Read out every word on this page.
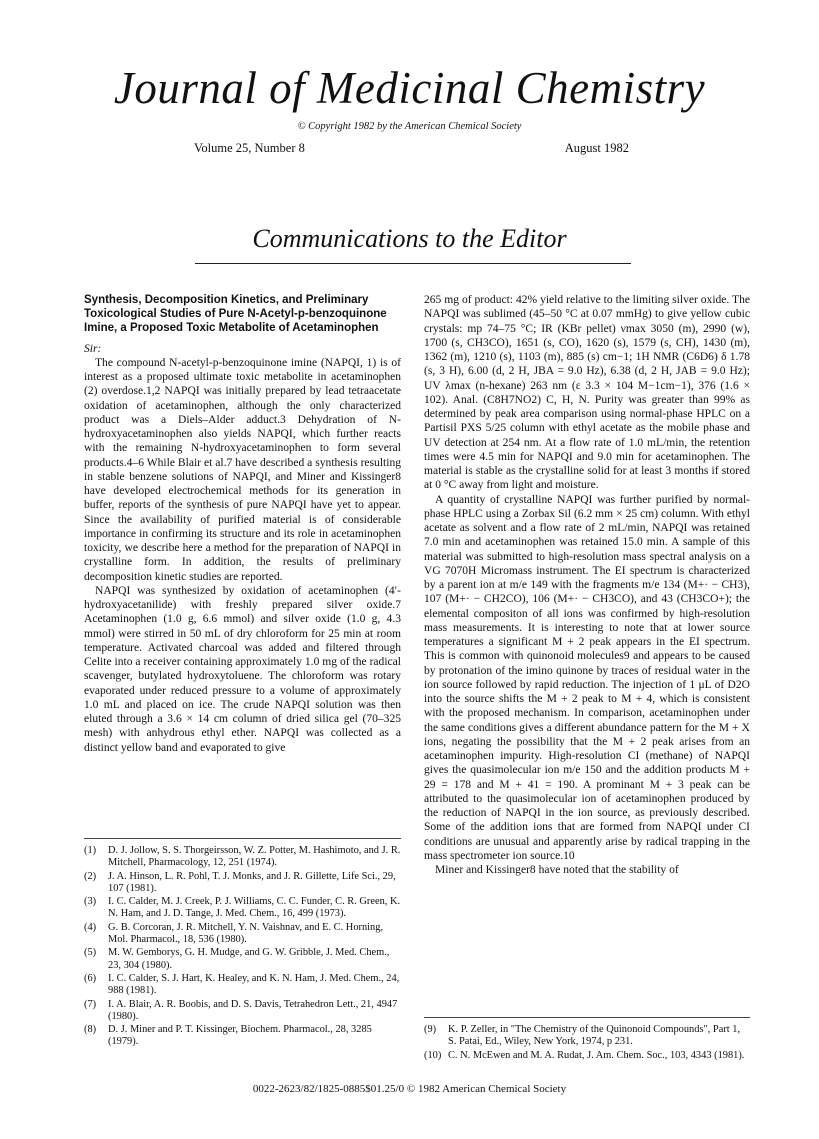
Journal of Medicinal Chemistry
© Copyright 1982 by the American Chemical Society
Volume 25, Number 8	August 1982
Communications to the Editor

Synthesis, Decomposition Kinetics, and Preliminary Toxicological Studies of Pure N-Acetyl-p-benzoquinone Imine, a Proposed Toxic Metabolite of Acetaminophen

Sir:

The compound N-acetyl-p-benzoquinone imine (NAPQI, 1) is of interest as a proposed ultimate toxic metabolite in acetaminophen (2) overdose.1,2 NAPQI was initially prepared by lead tetraacetate oxidation of acetaminophen, although the only characterized product was a Diels–Alder adduct.3 Dehydration of N-hydroxyacetaminophen also yields NAPQI, which further reacts with the remaining N-hydroxyacetaminophen to form several products.4–6 While Blair et al.7 have described a synthesis resulting in stable benzene solutions of NAPQI, and Miner and Kissinger8 have developed electrochemical methods for its generation in buffer, reports of the synthesis of pure NAPQI have yet to appear. Since the availability of purified material is of considerable importance in confirming its structure and its role in acetaminophen toxicity, we describe here a method for the preparation of NAPQI in crystalline form. In addition, the results of preliminary decomposition kinetic studies are reported.

NAPQI was synthesized by oxidation of acetaminophen (4′-hydroxyacetanilide) with freshly prepared silver oxide.7 Acetaminophen (1.0 g, 6.6 mmol) and silver oxide (1.0 g, 4.3 mmol) were stirred in 50 mL of dry chloroform for 25 min at room temperature. Activated charcoal was added and filtered through Celite into a receiver containing approximately 1.0 mg of the radical scavenger, butylated hydroxytoluene. The chloroform was rotary evaporated under reduced pressure to a volume of approximately 1.0 mL and placed on ice. The crude NAPQI solution was then eluted through a 3.6 × 14 cm column of dried silica gel (70–325 mesh) with anhydrous ethyl ether. NAPQI was collected as a distinct yellow band and evaporated to give

265 mg of product: 42% yield relative to the limiting silver oxide. The NAPQI was sublimed (45–50 °C at 0.07 mmHg) to give yellow cubic crystals: mp 74–75 °C; IR (KBr pellet) νmax 3050 (m), 2990 (w), 1700 (s, CH3CO), 1651 (s, CO), 1620 (s), 1579 (s, CH), 1430 (m), 1362 (m), 1210 (s), 1103 (m), 885 (s) cm−1; 1H NMR (C6D6) δ 1.78 (s, 3 H), 6.00 (d, 2 H, JBA = 9.0 Hz), 6.38 (d, 2 H, JAB = 9.0 Hz); UV λmax (n-hexane) 263 nm (ε 3.3 × 104 M−1cm−1), 376 (1.6 × 102). Anal. (C8H7NO2) C, H, N. Purity was greater than 99% as determined by peak area comparison using normal-phase HPLC on a Partisil PXS 5/25 column with ethyl acetate as the mobile phase and UV detection at 254 nm. At a flow rate of 1.0 mL/min, the retention times were 4.5 min for NAPQI and 9.0 min for acetaminophen. The material is stable as the crystalline solid for at least 3 months if stored at 0 °C away from light and moisture.

A quantity of crystalline NAPQI was further purified by normal-phase HPLC using a Zorbax Sil (6.2 mm × 25 cm) column. With ethyl acetate as solvent and a flow rate of 2 mL/min, NAPQI was retained 7.0 min and acetaminophen was retained 15.0 min. A sample of this material was submitted to high-resolution mass spectral analysis on a VG 7070H Micromass instrument. The EI spectrum is characterized by a parent ion at m/e 149 with the fragments m/e 134 (M+· − CH3), 107 (M+· − CH2CO), 106 (M+· − CH3CO), and 43 (CH3CO+); the elemental compositon of all ions was confirmed by high-resolution mass measurements. It is interesting to note that at lower source temperatures a significant M + 2 peak appears in the EI spectrum. This is common with quinonoid molecules9 and appears to be caused by protonation of the imino quinone by traces of residual water in the ion source followed by rapid reduction. The injection of 1 μL of D2O into the source shifts the M + 2 peak to M + 4, which is consistent with the proposed mechanism. In comparison, acetaminophen under the same conditions gives a different abundance pattern for the M + X ions, negating the possibility that the M + 2 peak arises from an acetaminophen impurity. High-resolution CI (methane) of NAPQI gives the quasimolecular ion m/e 150 and the addition products M + 29 = 178 and M + 41 = 190. A prominant M + 3 peak can be attributed to the quasimolecular ion of acetaminophen produced by the reduction of NAPQI in the ion source, as previously described. Some of the addition ions that are formed from NAPQI under CI conditions are unusual and apparently arise by radical trapping in the mass spectrometer ion source.10

Miner and Kissinger8 have noted that the stability of

(1)	D. J. Jollow, S. S. Thorgeirsson, W. Z. Potter, M. Hashimoto, and J. R. Mitchell, Pharmacology, 12, 251 (1974).
(2)	J. A. Hinson, L. R. Pohl, T. J. Monks, and J. R. Gillette, Life Sci., 29, 107 (1981).
(3)	I. C. Calder, M. J. Creek, P. J. Williams, C. C. Funder, C. R. Green, K. N. Ham, and J. D. Tange, J. Med. Chem., 16, 499 (1973).
(4)	G. B. Corcoran, J. R. Mitchell, Y. N. Vaishnav, and E. C. Horning, Mol. Pharmacol., 18, 536 (1980).
(5)	M. W. Gemborys, G. H. Mudge, and G. W. Gribble, J. Med. Chem., 23, 304 (1980).
(6)	I. C. Calder, S. J. Hart, K. Healey, and K. N. Ham, J. Med. Chem., 24, 988 (1981).
(7)	I. A. Blair, A. R. Boobis, and D. S. Davis, Tetrahedron Lett., 21, 4947 (1980).
(8)	D. J. Miner and P. T. Kissinger, Biochem. Pharmacol., 28, 3285 (1979).
(9)	K. P. Zeller, in "The Chemistry of the Quinonoid Compounds", Part 1, S. Patai, Ed., Wiley, New York, 1974, p 231.
(10) C. N. McEwen and M. A. Rudat, J. Am. Chem. Soc., 103, 4343 (1981).
0022-2623/82/1825-0885$01.25/0 © 1982 American Chemical Society
